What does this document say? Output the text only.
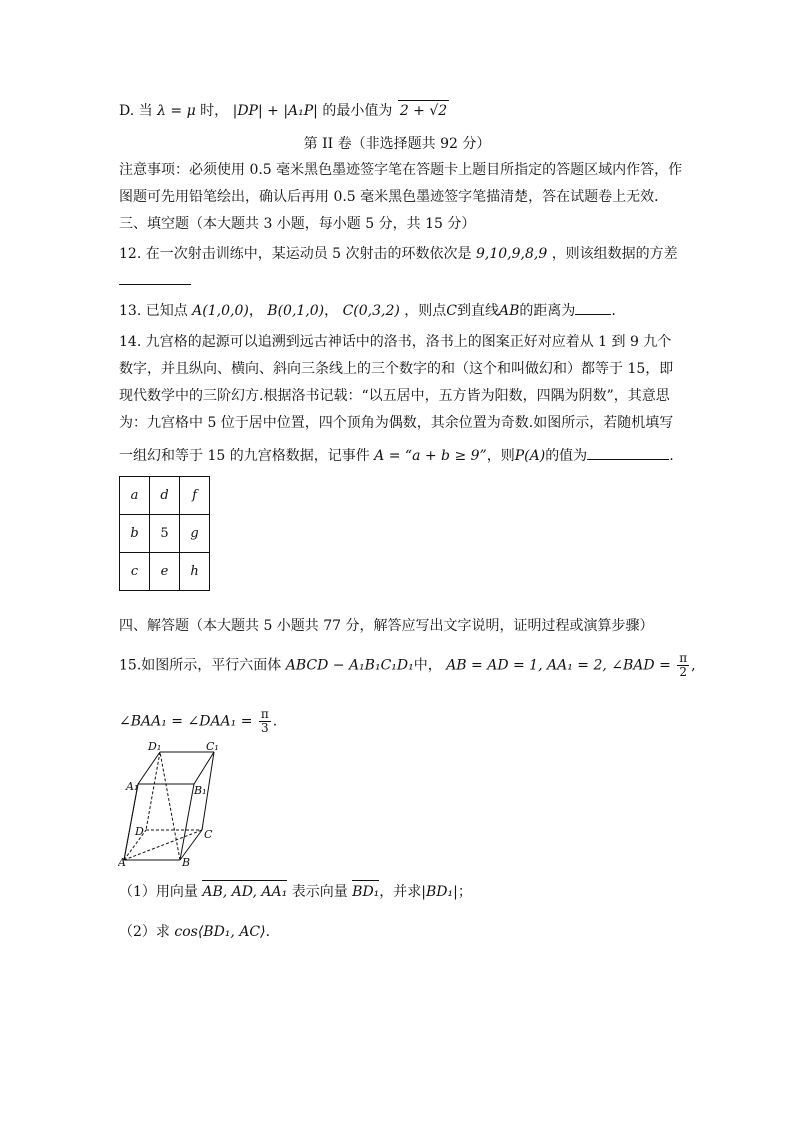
D. 当 λ = μ 时， |DP| + |A₁P| 的最小值为 2 + √2
第 II 卷（非选择题共 92 分）
注意事项：必须使用 0.5 毫米黑色墨迹签字笔在答题卡上题目所指定的答题区域内作答，作
图题可先用铅笔绘出，确认后再用 0.5 毫米黑色墨迹签字笔描清楚，答在试题卷上无效．
三、填空题（本大题共 3 小题，每小题 5 分，共 15 分）
12. 在一次射击训练中，某运动员 5 次射击的环数依次是 9,10,9,8,9 ，则该组数据的方差
13. 已知点 A(1,0,0)， B(0,1,0)， C(0,3,2) ，则点C到直线AB的距离为	.
14. 九宫格的起源可以追溯到远古神话中的洛书，洛书上的图案正好对应着从 1 到 9 九个
数字，并且纵向、横向、斜向三条线上的三个数字的和（这个和叫做幻和）都等于 15，即
现代数学中的三阶幻方.根据洛书记载：“以五居中，五方皆为阳数，四隅为阴数”，其意思
为：九宫格中 5 位于居中位置，四个顶角为偶数，其余位置为奇数.如图所示，若随机填写
一组幻和等于 15 的九宫格数据，记事件 A = “a + b ≥ 9”，则P(A)的值为	.
a	d	f
b	5	g
c	e	h
四、解答题（本大题共 5 小题共 77 分，解答应写出文字说明，证明过程或演算步骤）
15.如图所示，平行六面体 ABCD − A₁B₁C₁D₁中， AB = AD = 1, AA₁ = 2, ∠BAD = $\frac{\pi}{2}$ ,
∠BAA₁ = ∠DAA₁ = $\frac{\pi}{3}$ .
D₁	C₁
A₁	B₁
D	C
A	B
（1）用向量 AB, AD, AA₁ 表示向量 BD₁，并求|BD₁|；
（2）求 cos⟨BD₁, AC⟩.
